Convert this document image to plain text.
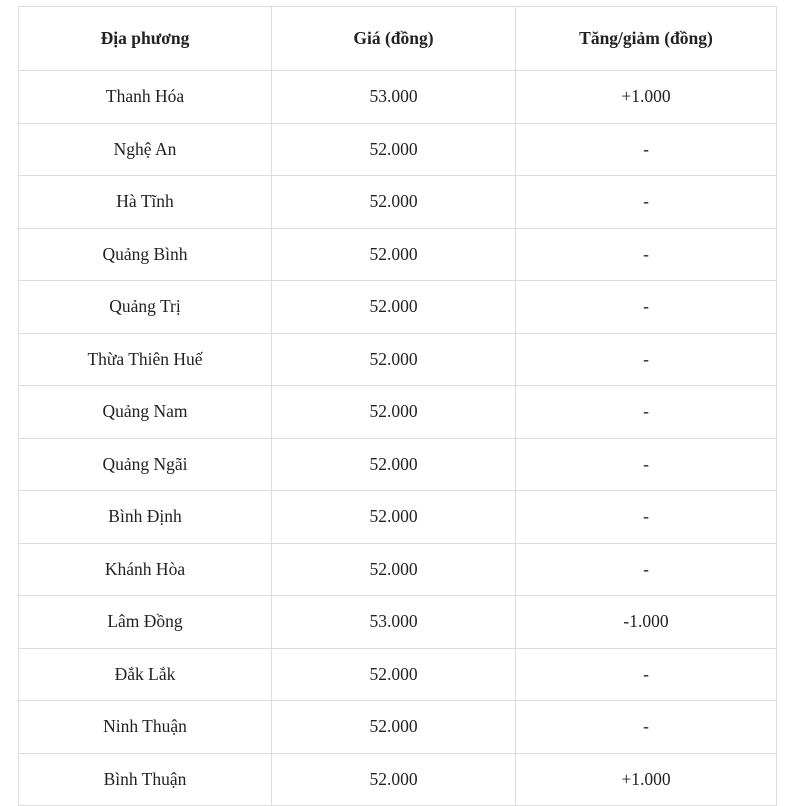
Địa phương	Giá (đồng)	Tăng/giảm (đồng)
Thanh Hóa	53.000	+1.000
Nghệ An	52.000	-
Hà Tĩnh	52.000	-
Quảng Bình	52.000	-
Quảng Trị	52.000	-
Thừa Thiên Huế	52.000	-
Quảng Nam	52.000	-
Quảng Ngãi	52.000	-
Bình Định	52.000	-
Khánh Hòa	52.000	-
Lâm Đồng	53.000	-1.000
Đắk Lắk	52.000	-
Ninh Thuận	52.000	-
Bình Thuận	52.000	+1.000
